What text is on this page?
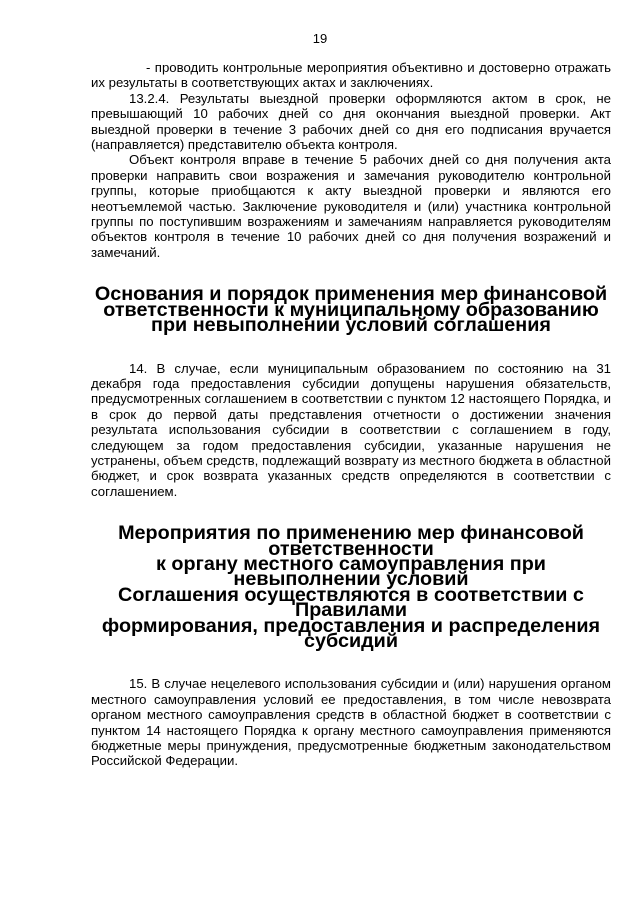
19

- проводить контрольные мероприятия объективно и достоверно отражать их результаты в соответствующих актах и заключениях.

13.2.4. Результаты выездной проверки оформляются актом в срок, не превышающий 10 рабочих дней со дня окончания выездной проверки. Акт выездной проверки в течение 3 рабочих дней со дня его подписания вручается (направляется) представителю объекта контроля.

Объект контроля вправе в течение 5 рабочих дней со дня получения акта проверки направить свои возражения и замечания руководителю контрольной группы, которые приобщаются к акту выездной проверки и являются его неотъемлемой частью. Заключение руководителя и (или) участника контрольной группы по поступившим возражениям и замечаниям направляется руководителям объектов контроля в течение 10 рабочих дней со дня получения возражений и замечаний.

Основания и порядок применения мер финансовой
ответственности к муниципальному образованию
при невыполнении условий соглашения

14. В случае, если муниципальным образованием по состоянию на 31 декабря года предоставления субсидии допущены нарушения обязательств, предусмотренных соглашением в соответствии с пунктом 12 настоящего Порядка, и в срок до первой даты представления отчетности о достижении значения результата использования субсидии в соответствии с соглашением в году, следующем за годом предоставления субсидии, указанные нарушения не устранены, объем средств, подлежащий возврату из местного бюджета в областной бюджет, и срок возврата указанных средств определяются в соответствии с соглашением.

Мероприятия по применению мер финансовой ответственности
к органу местного самоуправления при невыполнении условий
Соглашения осуществляются в соответствии с Правилами
формирования, предоставления и распределения субсидий

15. В случае нецелевого использования субсидии и (или) нарушения органом местного самоуправления условий ее предоставления, в том числе невозврата органом местного самоуправления средств в областной бюджет в соответствии с пунктом 14 настоящего Порядка к органу местного самоуправления применяются бюджетные меры принуждения, предусмотренные бюджетным законодательством Российской Федерации.
